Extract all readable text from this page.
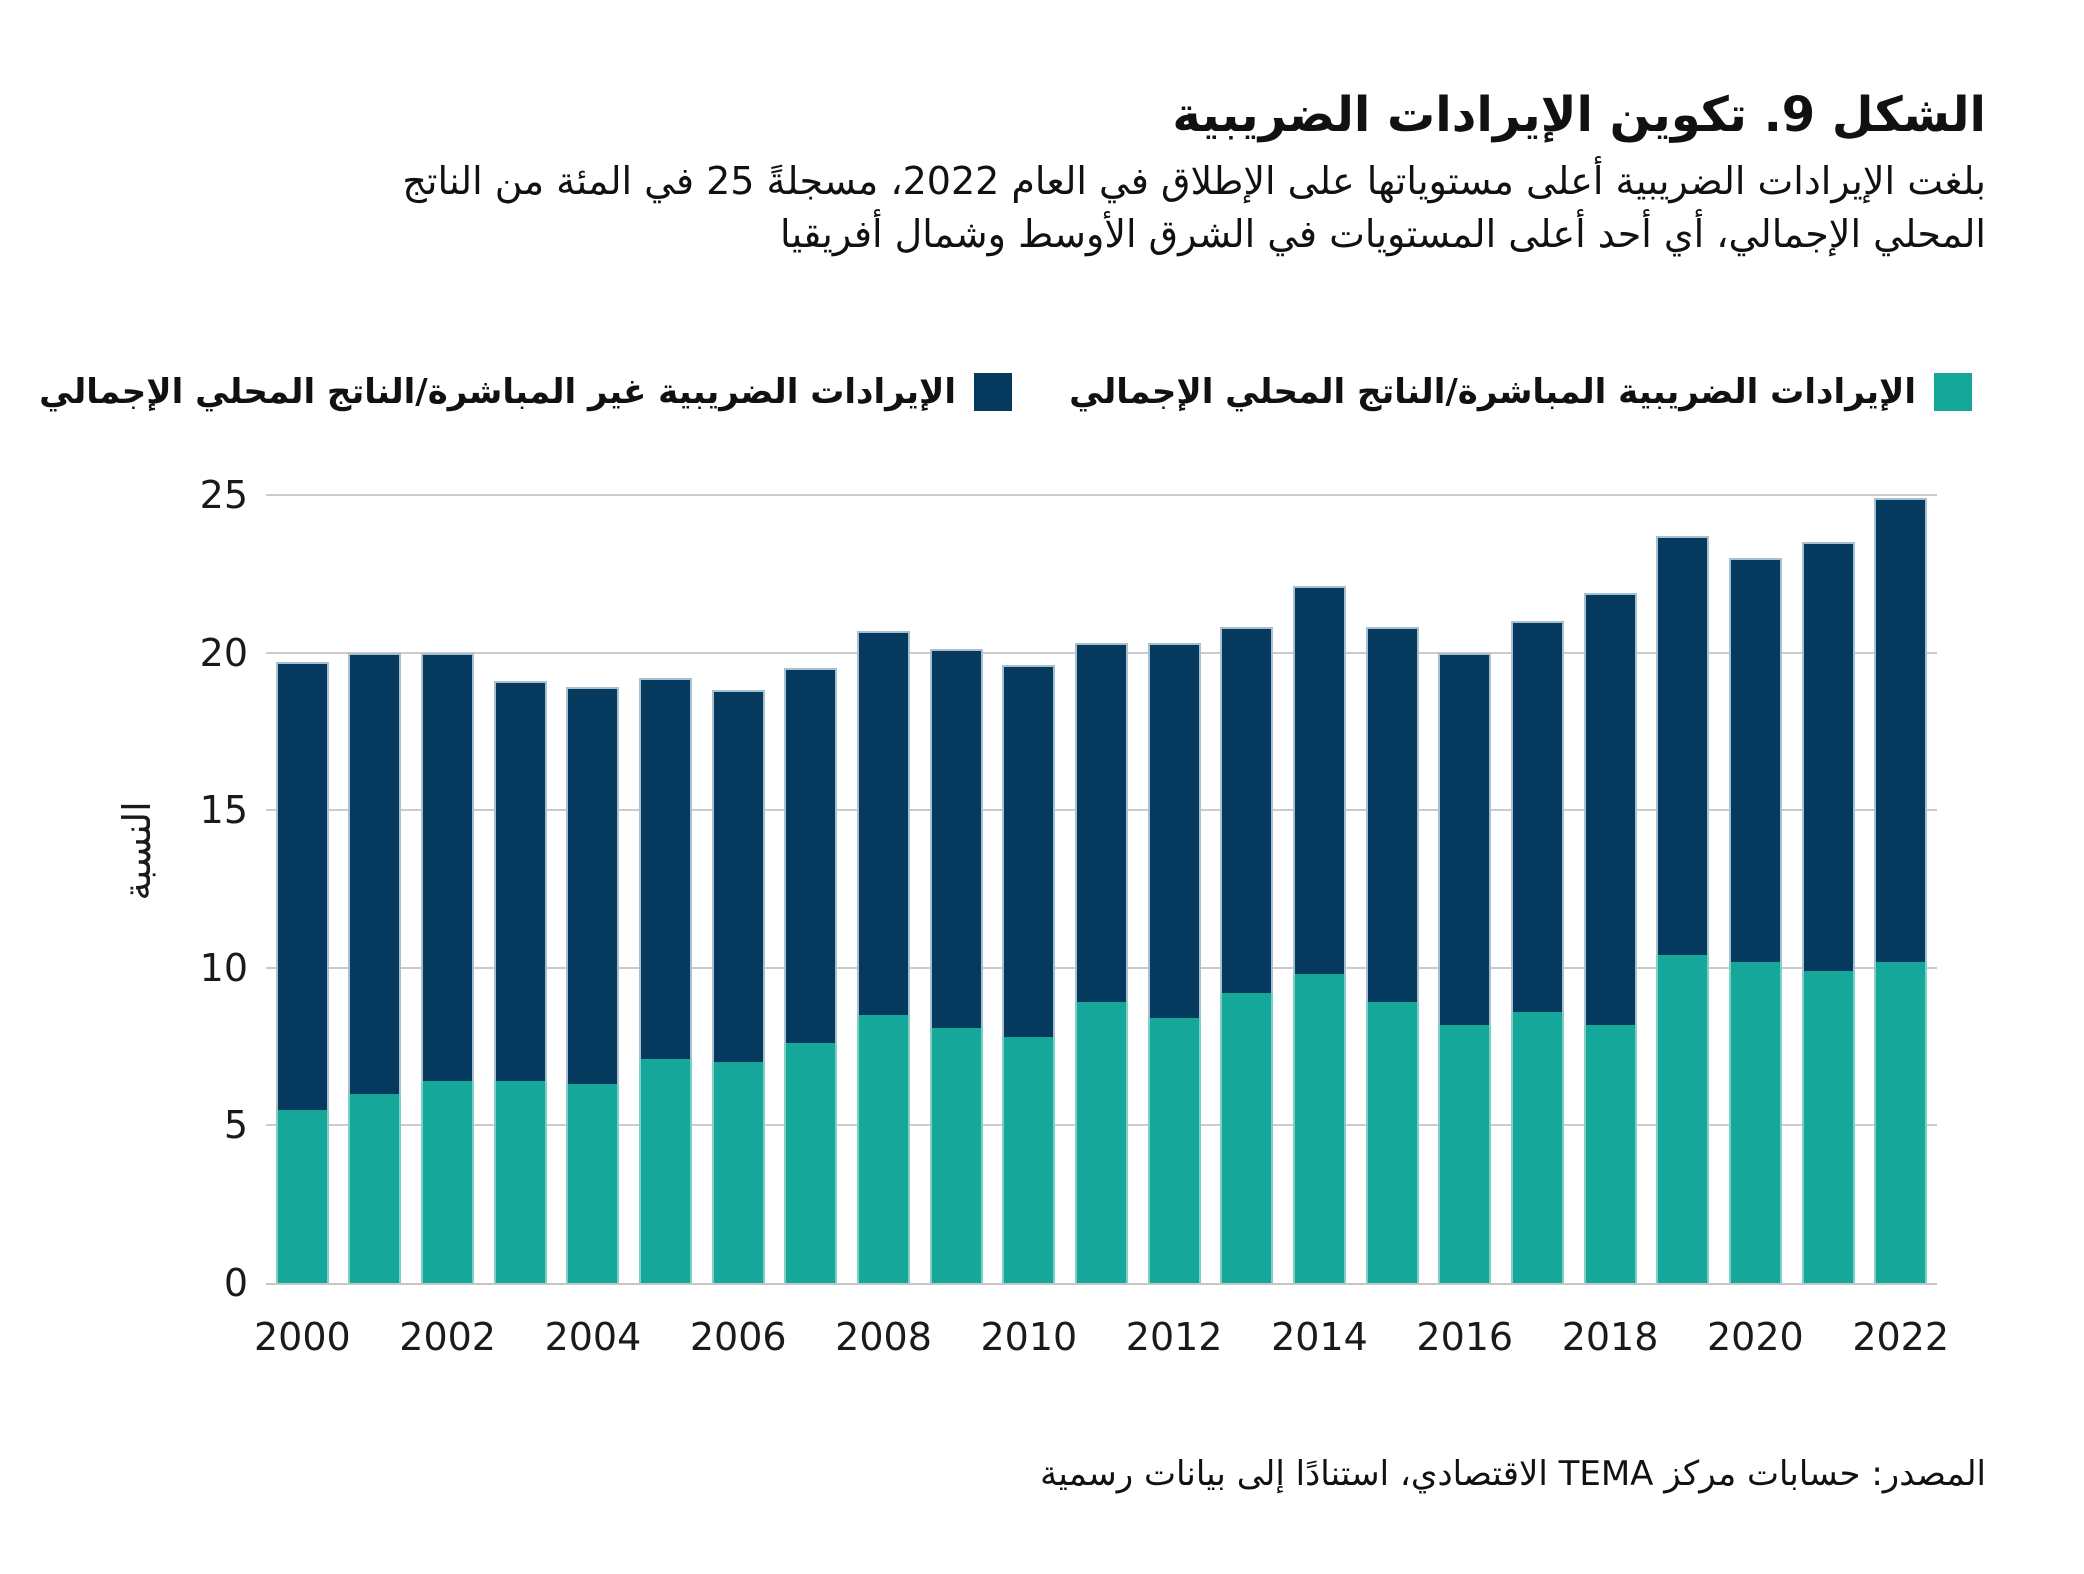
الشكل 9. تكوين الإيرادات الضريبية
بلغت الإيرادات الضريبية أعلى مستوياتها على الإطلاق في العام 2022، مسجلةً 25 في المئة من الناتج
المحلي الإجمالي، أي أحد أعلى المستويات في الشرق الأوسط وشمال أفريقيا
الإيرادات الضريبية المباشرة/الناتج المحلي الإجمالي
الإيرادات الضريبية غير المباشرة/الناتج المحلي الإجمالي
النسبة
0
5
10
15
20
25
2000	2002	2004	2006	2008	2010	2012	2014	2016	2018	2020	2022
المصدر: حسابات مركز TEMA الاقتصادي، استنادًا إلى بيانات رسمية
